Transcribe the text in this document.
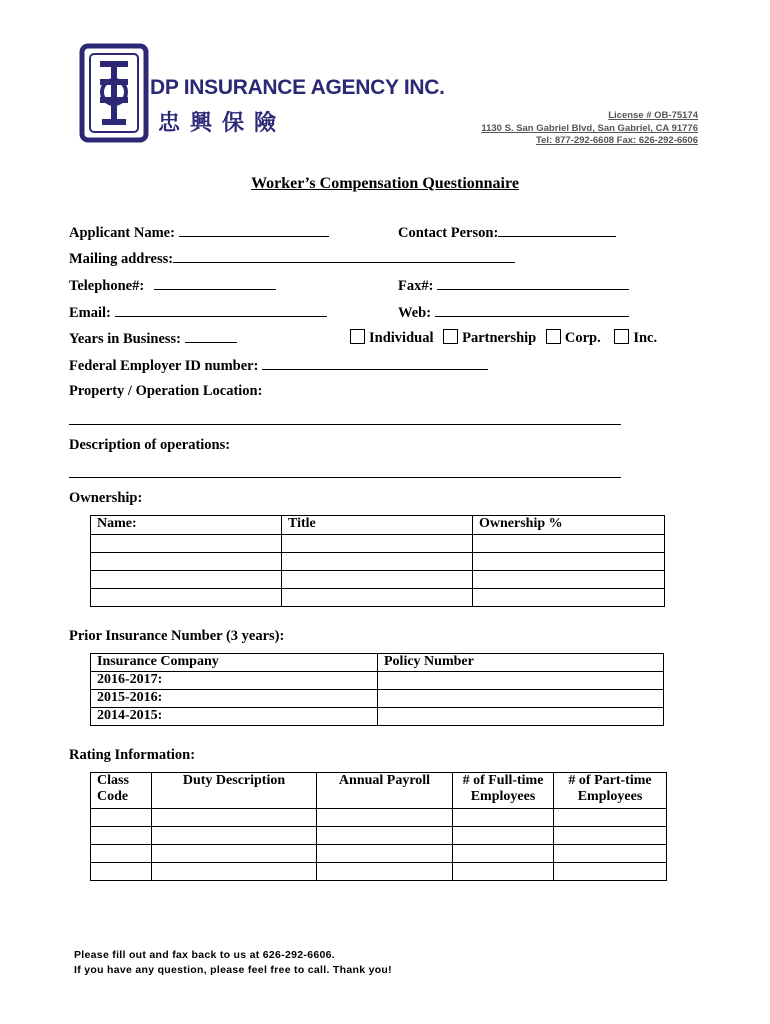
DP INSURANCE AGENCY INC.
忠興保險	License # OB-75174
1130 S. San Gabriel Blvd, San Gabriel, CA 91776
Tel: 877-292-6608 Fax: 626-292-6606
Worker’s Compensation Questionnaire
Applicant Name:	Contact Person:
Mailing address:
Telephone#:	Fax#:
Email:	Web:
Years in Business:	Individual Partnership Corp. Inc.
Federal Employer ID number:
Property / Operation Location:
Description of operations:
Ownership:
Name:	Title	Ownership %

Prior Insurance Number (3 years):
Insurance Company	Policy Number
2016-2017:	
2015-2016:	
2014-2015:	
Rating Information:
Class Code	Duty Description	Annual Payroll	# of Full-time Employees	# of Part-time Employees

Please fill out and fax back to us at 626-292-6606.
If you have any question, please feel free to call. Thank you!
